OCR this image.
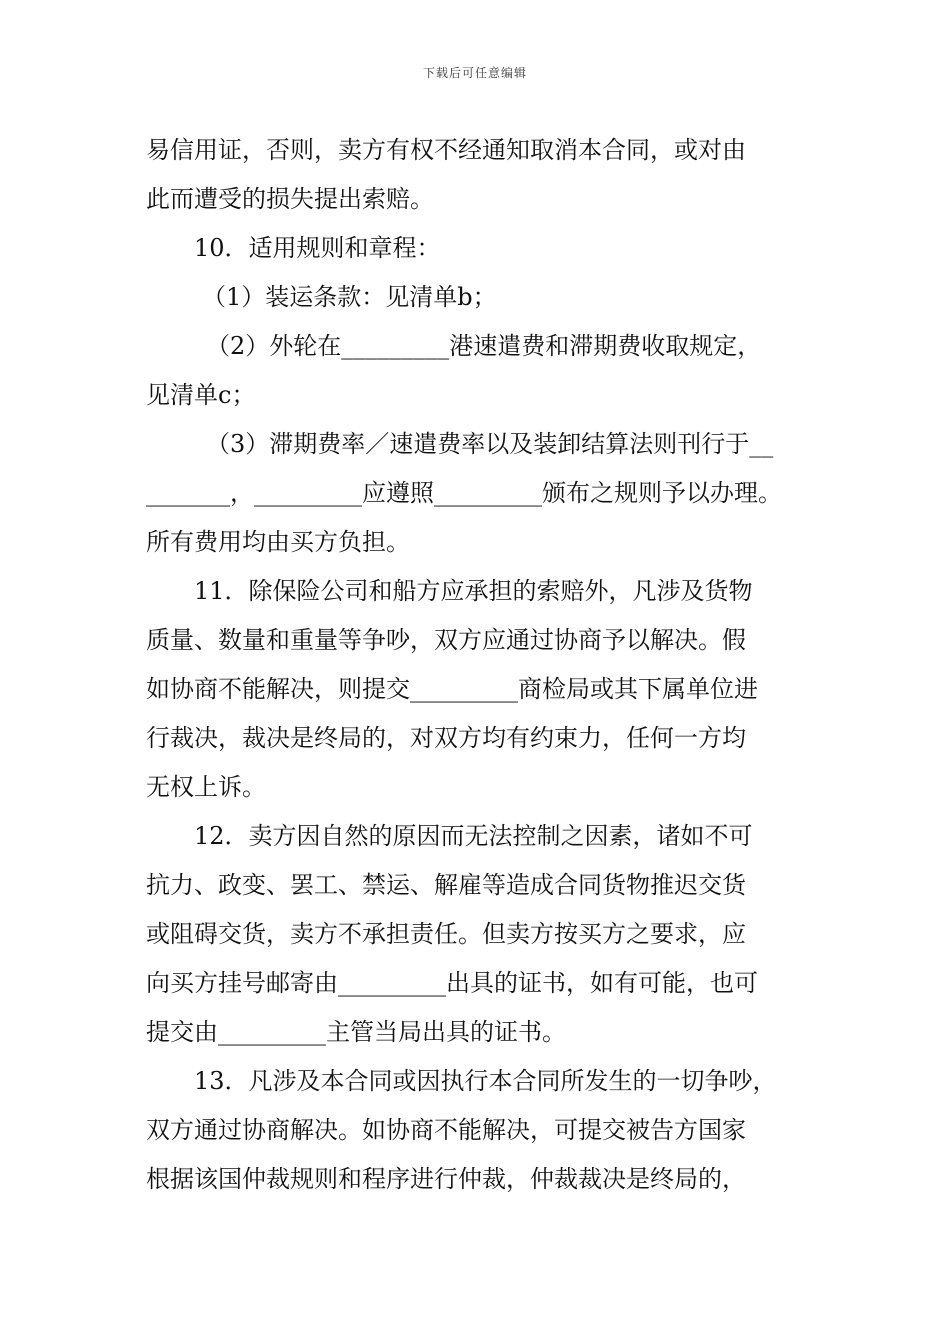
下载后可任意编辑
易信用证，否则，卖方有权不经通知取消本合同，或对由
此而遭受的损失提出索赔。
10．适用规则和章程：
（1）装运条款：见清单b；
（2）外轮在_________港速遣费和滞期费收取规定，
见清单c；
（3）滞期费率／速遣费率以及装卸结算法则刊行于__
_______，_________应遵照_________颁布之规则予以办理。
所有费用均由买方负担。
11．除保险公司和船方应承担的索赔外，凡涉及货物
质量、数量和重量等争吵，双方应通过协商予以解决。假
如协商不能解决，则提交_________商检局或其下属单位进
行裁决，裁决是终局的，对双方均有约束力，任何一方均
无权上诉。
12．卖方因自然的原因而无法控制之因素，诸如不可
抗力、政变、罢工、禁运、解雇等造成合同货物推迟交货
或阻碍交货，卖方不承担责任。但卖方按买方之要求，应
向买方挂号邮寄由_________出具的证书，如有可能，也可
提交由_________主管当局出具的证书。
13．凡涉及本合同或因执行本合同所发生的一切争吵，
双方通过协商解决。如协商不能解决，可提交被告方国家
根据该国仲裁规则和程序进行仲裁，仲裁裁决是终局的，
